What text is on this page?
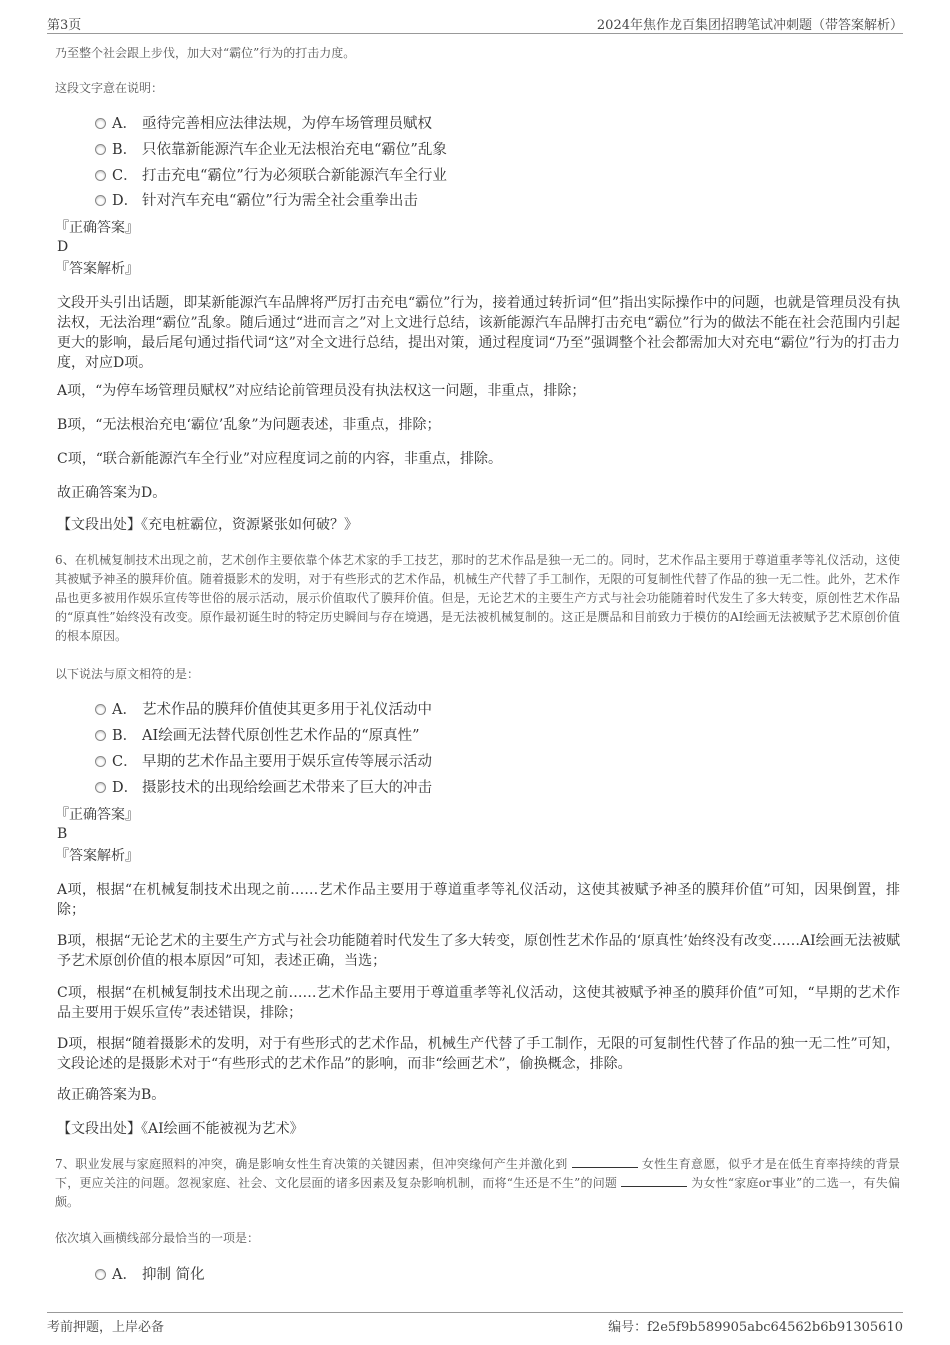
第3页	2024年焦作龙百集团招聘笔试冲刺题（带答案解析）
乃至整个社会跟上步伐，加大对“霸位”行为的打击力度。
这段文字意在说明：
A． 亟待完善相应法律法规，为停车场管理员赋权
B． 只依靠新能源汽车企业无法根治充电“霸位”乱象
C． 打击充电“霸位”行为必须联合新能源汽车全行业
D． 针对汽车充电“霸位”行为需全社会重拳出击
『正确答案』
D
『答案解析』
文段开头引出话题，即某新能源汽车品牌将严厉打击充电“霸位”行为，接着通过转折词“但”指出实际操作中的问题，也就是管理员没有执法权，无法治理“霸位”乱象。随后通过“进而言之”对上文进行总结，该新能源汽车品牌打击充电“霸位”行为的做法不能在社会范围内引起更大的影响，最后尾句通过指代词“这”对全文进行总结，提出对策，通过程度词“乃至”强调整个社会都需加大对充电“霸位”行为的打击力度，对应D项。
A项，“为停车场管理员赋权”对应结论前管理员没有执法权这一问题，非重点，排除；
B项，“无法根治充电‘霸位’乱象”为问题表述，非重点，排除；
C项，“联合新能源汽车全行业”对应程度词之前的内容，非重点，排除。
故正确答案为D。
【文段出处】《充电桩霸位，资源紧张如何破？》
6、在机械复制技术出现之前，艺术创作主要依靠个体艺术家的手工技艺，那时的艺术作品是独一无二的。同时，艺术作品主要用于尊道重孝等礼仪活动，这使其被赋予神圣的膜拜价值。随着摄影术的发明，对于有些形式的艺术作品，机械生产代替了手工制作，无限的可复制性代替了作品的独一无二性。此外，艺术作品也更多被用作娱乐宣传等世俗的展示活动，展示价值取代了膜拜价值。但是，无论艺术的主要生产方式与社会功能随着时代发生了多大转变，原创性艺术作品的“原真性”始终没有改变。原作最初诞生时的特定历史瞬间与存在境遇，是无法被机械复制的。这正是赝品和目前致力于模仿的AI绘画无法被赋予艺术原创价值的根本原因。
以下说法与原文相符的是：
A． 艺术作品的膜拜价值使其更多用于礼仪活动中
B． AI绘画无法替代原创性艺术作品的“原真性”
C． 早期的艺术作品主要用于娱乐宣传等展示活动
D． 摄影技术的出现给绘画艺术带来了巨大的冲击
『正确答案』
B
『答案解析』
A项，根据“在机械复制技术出现之前……艺术作品主要用于尊道重孝等礼仪活动，这使其被赋予神圣的膜拜价值”可知，因果倒置，排除；
B项，根据“无论艺术的主要生产方式与社会功能随着时代发生了多大转变，原创性艺术作品的‘原真性’始终没有改变……AI绘画无法被赋予艺术原创价值的根本原因”可知，表述正确，当选；
C项，根据“在机械复制技术出现之前……艺术作品主要用于尊道重孝等礼仪活动，这使其被赋予神圣的膜拜价值”可知，“早期的艺术作品主要用于娱乐宣传”表述错误，排除；
D项，根据“随着摄影术的发明，对于有些形式的艺术作品，机械生产代替了手工制作，无限的可复制性代替了作品的独一无二性”可知，文段论述的是摄影术对于“有些形式的艺术作品”的影响，而非“绘画艺术”，偷换概念，排除。
故正确答案为B。
【文段出处】《AI绘画不能被视为艺术》
7、职业发展与家庭照料的冲突，确是影响女性生育决策的关键因素，但冲突缘何产生并激化到	女性生育意愿，似乎才是在低生育率持续的背景下，更应关注的问题。忽视家庭、社会、文化层面的诸多因素及复杂影响机制，而将“生还是不生”的问题	为女性“家庭or事业”的二选一，有失偏颇。
依次填入画横线部分最恰当的一项是：
A． 抑制 简化
考前押题，上岸必备	编号：f2e5f9b589905abc64562b6b91305610
